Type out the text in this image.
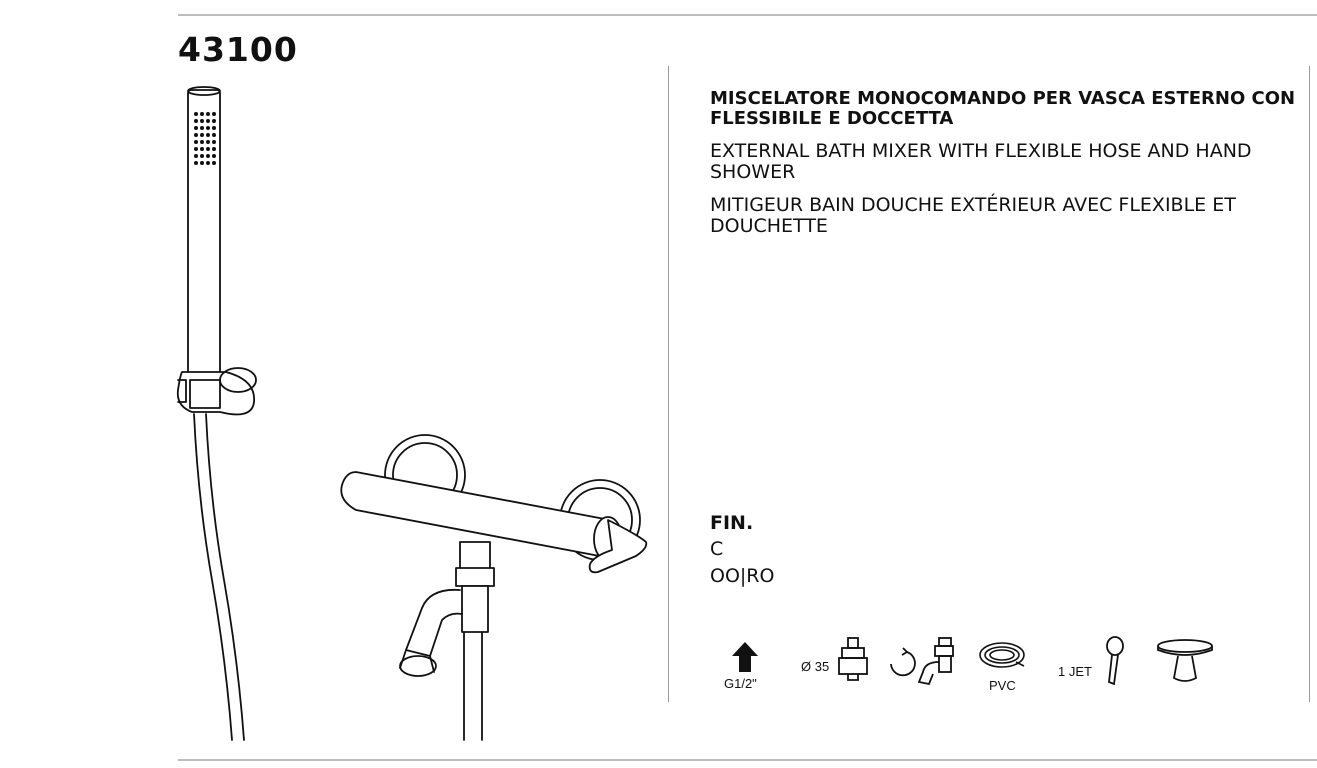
43100

MISCELATORE MONOCOMANDO PER VASCA ESTERNO CON FLESSIBILE E DOCCETTA

EXTERNAL BATH MIXER WITH FLEXIBLE HOSE AND HAND SHOWER

MITIGEUR BAIN DOUCHE EXTÉRIEUR AVEC FLEXIBLE ET DOUCHETTE

FIN.
C
OO|RO
G1/2"
Ø 35
PVC
1 JET
